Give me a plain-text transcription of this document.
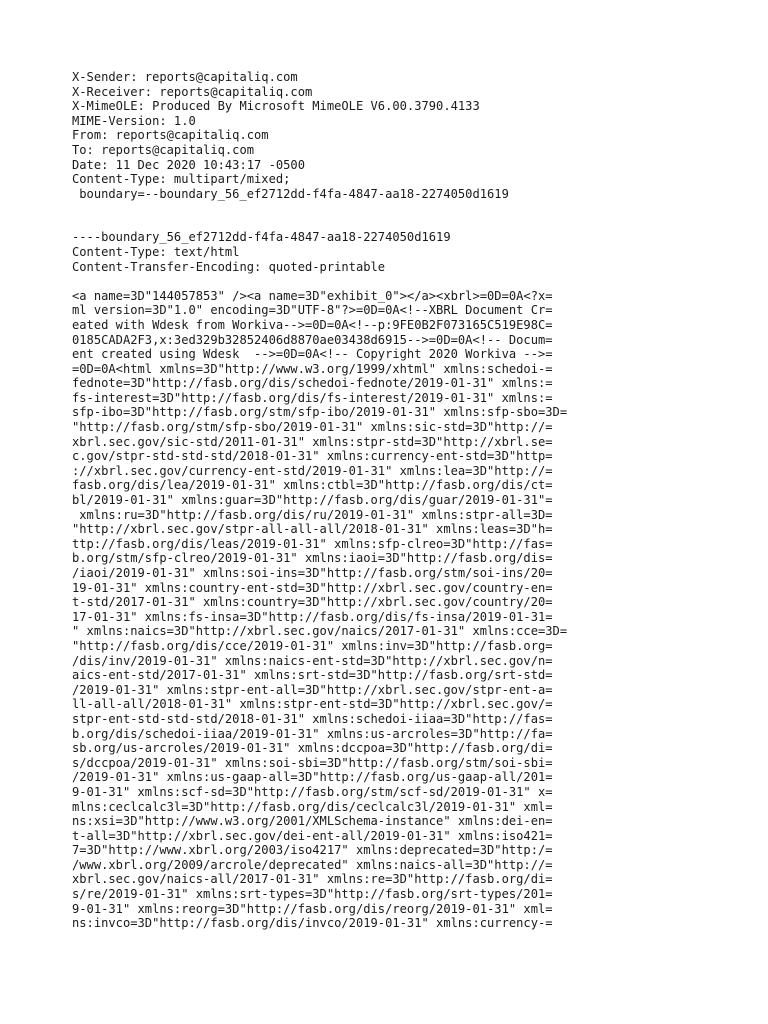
X-Sender: reports@capitaliq.com
X-Receiver: reports@capitaliq.com
X-MimeOLE: Produced By Microsoft MimeOLE V6.00.3790.4133
MIME-Version: 1.0
From: reports@capitaliq.com
To: reports@capitaliq.com
Date: 11 Dec 2020 10:43:17 -0500
Content-Type: multipart/mixed;
boundary=--boundary_56_ef2712dd-f4fa-4847-aa18-2274050d1619
----boundary_56_ef2712dd-f4fa-4847-aa18-2274050d1619
Content-Type: text/html
Content-Transfer-Encoding: quoted-printable
<a name=3D"144057853" /><a name=3D"exhibit_0"></a><xbrl>=0D=0A<?x=
ml version=3D"1.0" encoding=3D"UTF-8"?>=0D=0A<!--XBRL Document Cr=
eated with Wdesk from Workiva-->=0D=0A<!--p:9FE0B2F073165C519E98C=
0185CADA2F3,x:3ed329b32852406d8870ae03438d6915-->=0D=0A<!-- Docum=
ent created using Wdesk  -->=0D=0A<!-- Copyright 2020 Workiva -->=
=0D=0A<html xmlns=3D"http://www.w3.org/1999/xhtml" xmlns:schedoi-=
fednote=3D"http://fasb.org/dis/schedoi-fednote/2019-01-31" xmlns:=
fs-interest=3D"http://fasb.org/dis/fs-interest/2019-01-31" xmlns:=
sfp-ibo=3D"http://fasb.org/stm/sfp-ibo/2019-01-31" xmlns:sfp-sbo=3D=
"http://fasb.org/stm/sfp-sbo/2019-01-31" xmlns:sic-std=3D"http://=
xbrl.sec.gov/sic-std/2011-01-31" xmlns:stpr-std=3D"http://xbrl.se=
c.gov/stpr-std-std-std/2018-01-31" xmlns:currency-ent-std=3D"http=
://xbrl.sec.gov/currency-ent-std/2019-01-31" xmlns:lea=3D"http://=
fasb.org/dis/lea/2019-01-31" xmlns:ctbl=3D"http://fasb.org/dis/ct=
bl/2019-01-31" xmlns:guar=3D"http://fasb.org/dis/guar/2019-01-31"=
xmlns:ru=3D"http://fasb.org/dis/ru/2019-01-31" xmlns:stpr-all=3D=
"http://xbrl.sec.gov/stpr-all-all-all/2018-01-31" xmlns:leas=3D"h=
ttp://fasb.org/dis/leas/2019-01-31" xmlns:sfp-clreo=3D"http://fas=
b.org/stm/sfp-clreo/2019-01-31" xmlns:iaoi=3D"http://fasb.org/dis=
/iaoi/2019-01-31" xmlns:soi-ins=3D"http://fasb.org/stm/soi-ins/20=
19-01-31" xmlns:country-ent-std=3D"http://xbrl.sec.gov/country-en=
t-std/2017-01-31" xmlns:country=3D"http://xbrl.sec.gov/country/20=
17-01-31" xmlns:fs-insa=3D"http://fasb.org/dis/fs-insa/2019-01-31=
" xmlns:naics=3D"http://xbrl.sec.gov/naics/2017-01-31" xmlns:cce=3D=
"http://fasb.org/dis/cce/2019-01-31" xmlns:inv=3D"http://fasb.org=
/dis/inv/2019-01-31" xmlns:naics-ent-std=3D"http://xbrl.sec.gov/n=
aics-ent-std/2017-01-31" xmlns:srt-std=3D"http://fasb.org/srt-std=
/2019-01-31" xmlns:stpr-ent-all=3D"http://xbrl.sec.gov/stpr-ent-a=
ll-all-all/2018-01-31" xmlns:stpr-ent-std=3D"http://xbrl.sec.gov/=
stpr-ent-std-std-std/2018-01-31" xmlns:schedoi-iiaa=3D"http://fas=
b.org/dis/schedoi-iiaa/2019-01-31" xmlns:us-arcroles=3D"http://fa=
sb.org/us-arcroles/2019-01-31" xmlns:dccpoa=3D"http://fasb.org/di=
s/dccpoa/2019-01-31" xmlns:soi-sbi=3D"http://fasb.org/stm/soi-sbi=
/2019-01-31" xmlns:us-gaap-all=3D"http://fasb.org/us-gaap-all/201=
9-01-31" xmlns:scf-sd=3D"http://fasb.org/stm/scf-sd/2019-01-31" x=
mlns:ceclcalc3l=3D"http://fasb.org/dis/ceclcalc3l/2019-01-31" xml=
ns:xsi=3D"http://www.w3.org/2001/XMLSchema-instance" xmlns:dei-en=
t-all=3D"http://xbrl.sec.gov/dei-ent-all/2019-01-31" xmlns:iso421=
7=3D"http://www.xbrl.org/2003/iso4217" xmlns:deprecated=3D"http:/=
/www.xbrl.org/2009/arcrole/deprecated" xmlns:naics-all=3D"http://=
xbrl.sec.gov/naics-all/2017-01-31" xmlns:re=3D"http://fasb.org/di=
s/re/2019-01-31" xmlns:srt-types=3D"http://fasb.org/srt-types/201=
9-01-31" xmlns:reorg=3D"http://fasb.org/dis/reorg/2019-01-31" xml=
ns:invco=3D"http://fasb.org/dis/invco/2019-01-31" xmlns:currency-=
